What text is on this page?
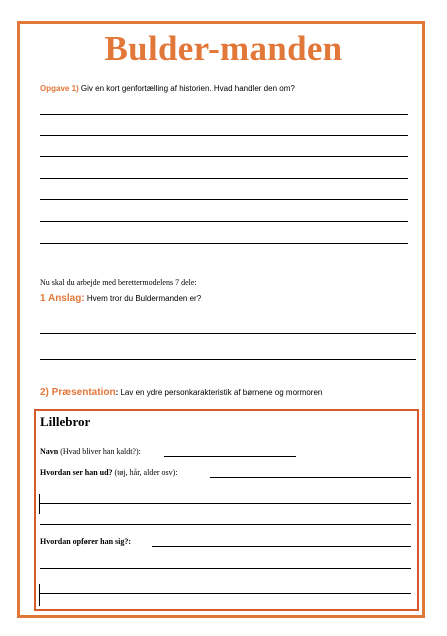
Bulder-manden
Opgave 1) Giv en kort genfortælling af historien. Hvad handler den om?
Nu skal du arbejde med berettermodelens 7 dele:
1 Anslag: Hvem tror du Buldermanden er?
2) Præsentation: Lav en ydre personkarakteristik af børnene og mormoren
Lillebror
Navn (Hvad bliver han kaldt?):
Hvordan ser han ud? (tøj, hår, alder osv):
Hvordan opfører han sig?:
